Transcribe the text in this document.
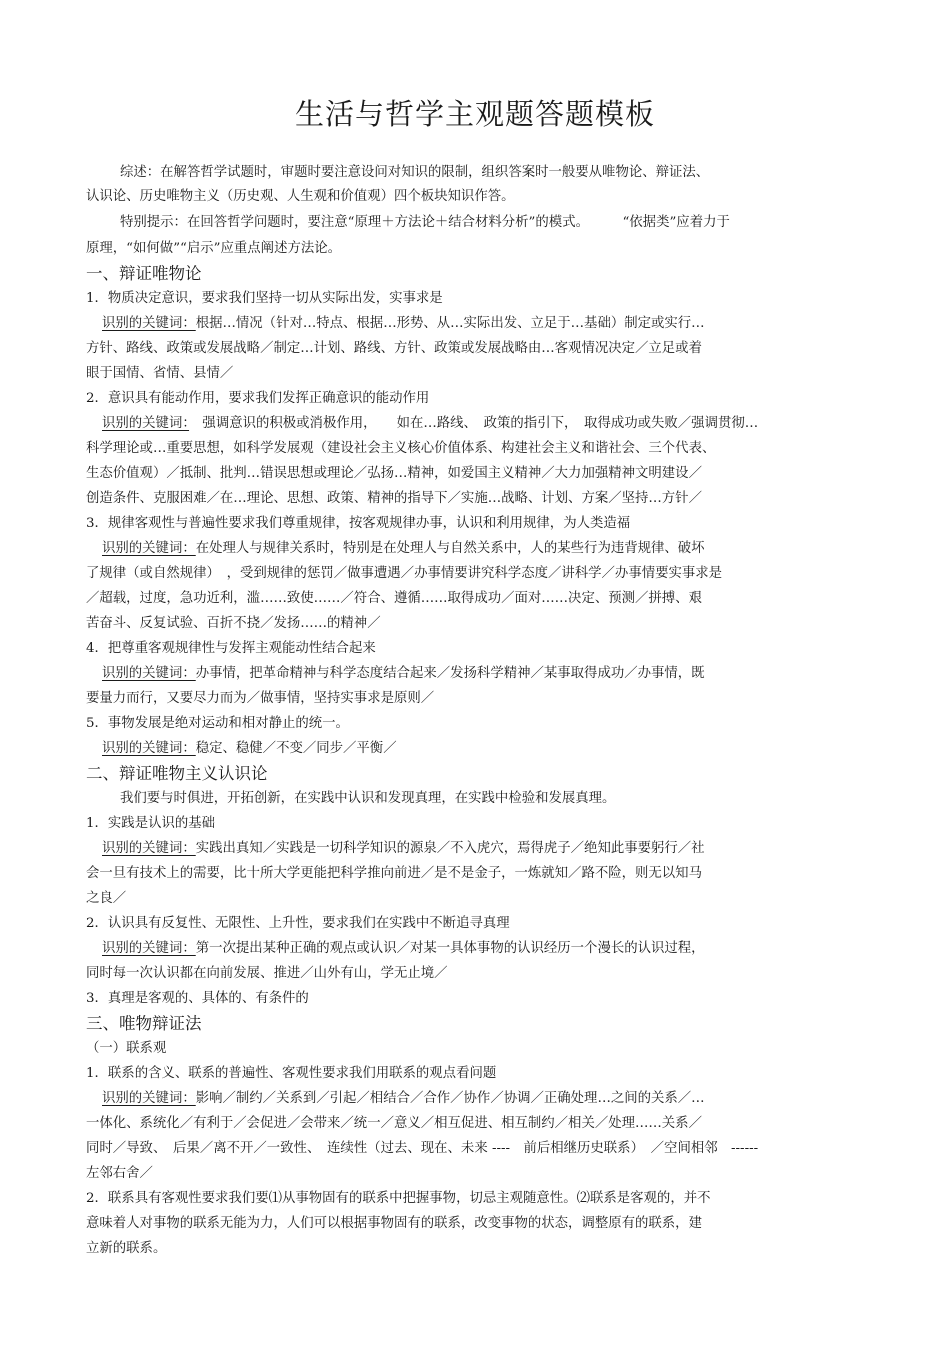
生活与哲学主观题答题模板
综述：在解答哲学试题时，审题时要注意设问对知识的限制，组织答案时一般要从唯物论、辩证法、
认识论、历史唯物主义（历史观、人生观和价值观）四个板块知识作答。
特别提示：在回答哲学问题时，要注意“原理＋方法论＋结合材料分析”的模式。　　　“依据类”应着力于
原理，“如何做”“启示”应重点阐述方法论。
一、辩证唯物论
1．物质决定意识，要求我们坚持一切从实际出发，实事求是
识别的关键词：根据…情况（针对…特点、根据…形势、从…实际出发、立足于…基础）制定或实行…
方针、路线、政策或发展战略／制定…计划、路线、方针、政策或发展战略由…客观情况决定／立足或着
眼于国情、省情、县情／
2．意识具有能动作用，要求我们发挥正确意识的能动作用
识别的关键词：　强调意识的积极或消极作用，　　如在…路线、　政策的指引下，　取得成功或失败／强调贯彻…
科学理论或…重要思想，如科学发展观（建设社会主义核心价值体系、构建社会主义和谐社会、三个代表、
生态价值观）／抵制、批判…错误思想或理论／弘扬…精神，如爱国主义精神／大力加强精神文明建设／
创造条件、克服困难／在…理论、思想、政策、精神的指导下／实施…战略、计划、方案／坚持…方针／
3．规律客观性与普遍性要求我们尊重规律，按客观规律办事，认识和利用规律，为人类造福
识别的关键词：在处理人与规律关系时，特别是在处理人与自然关系中，人的某些行为违背规律、破坏
了规律（或自然规律）　，受到规律的惩罚／做事遭遇／办事情要讲究科学态度／讲科学／办事情要实事求是
／超载，过度，急功近利，滥……致使……／符合、遵循……取得成功／面对……决定、预测／拼搏、艰
苦奋斗、反复试验、百折不挠／发扬……的精神／
4．把尊重客观规律性与发挥主观能动性结合起来
识别的关键词：办事情，把革命精神与科学态度结合起来／发扬科学精神／某事取得成功／办事情，既
要量力而行，又要尽力而为／做事情，坚持实事求是原则／
5．事物发展是绝对运动和相对静止的统一。
识别的关键词：稳定、稳健／不变／同步／平衡／
二、辩证唯物主义认识论
我们要与时俱进，开拓创新，在实践中认识和发现真理，在实践中检验和发展真理。
1．实践是认识的基础
识别的关键词：实践出真知／实践是一切科学知识的源泉／不入虎穴，焉得虎子／绝知此事要躬行／社
会一旦有技术上的需要，比十所大学更能把科学推向前进／是不是金子，一炼就知／路不险，则无以知马
之良／
2．认识具有反复性、无限性、上升性，要求我们在实践中不断追寻真理
识别的关键词：第一次提出某种正确的观点或认识／对某一具体事物的认识经历一个漫长的认识过程，
同时每一次认识都在向前发展、推进／山外有山，学无止境／
3．真理是客观的、具体的、有条件的
三、唯物辩证法
（一）联系观
1．联系的含义、联系的普遍性、客观性要求我们用联系的观点看问题
识别的关键词：影响／制约／关系到／引起／相结合／合作／协作／协调／正确处理…之间的关系／…
一体化、系统化／有利于／会促进／会带来／统一／意义／相互促进、相互制约／相关／处理……关系／
同时／导致、　后果／离不开／一致性、　连续性（过去、现在、未来 ----　前后相继历史联系）　／空间相邻　------
左邻右舍／
2．联系具有客观性要求我们要⑴从事物固有的联系中把握事物，切忌主观随意性。⑵联系是客观的，并不
意味着人对事物的联系无能为力，人们可以根据事物固有的联系，改变事物的状态，调整原有的联系，建
立新的联系。
